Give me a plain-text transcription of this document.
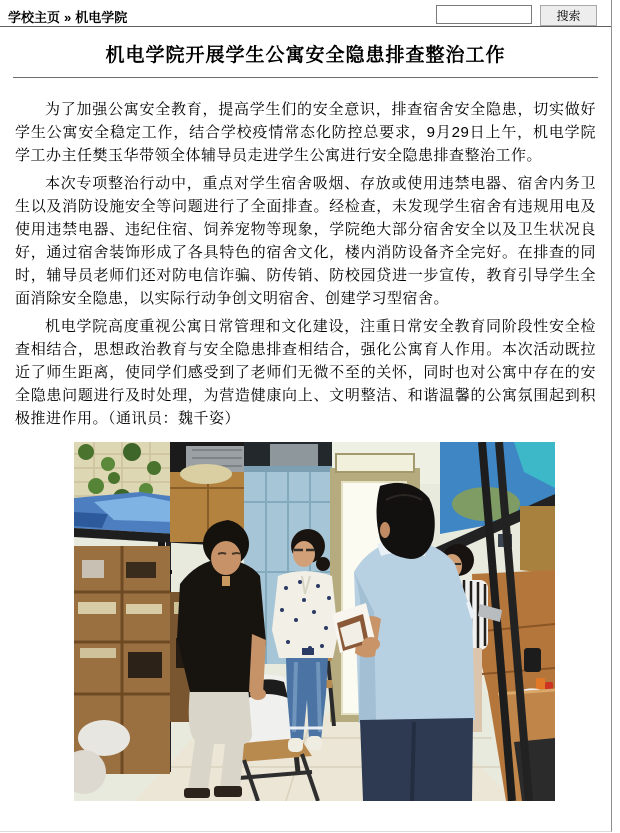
学校主页 » 机电学院	搜索
机电学院开展学生公寓安全隐患排查整治工作

为了加强公寓安全教育，提高学生们的安全意识，排查宿舍安全隐患，切实做好学生公寓安全稳定工作，结合学校疫情常态化防控总要求，9月29日上午，机电学院学工办主任樊玉华带领全体辅导员走进学生公寓进行安全隐患排查整治工作。

本次专项整治行动中，重点对学生宿舍吸烟、存放或使用违禁电器、宿舍内务卫生以及消防设施安全等问题进行了全面排查。经检查，未发现学生宿舍有违规用电及使用违禁电器、违纪住宿、饲养宠物等现象，学院绝大部分宿舍安全以及卫生状况良好，通过宿舍装饰形成了各具特色的宿舍文化，楼内消防设备齐全完好。在排查的同时，辅导员老师们还对防电信诈骗、防传销、防校园贷进一步宣传，教育引导学生全面消除安全隐患，以实际行动争创文明宿舍、创建学习型宿舍。

机电学院高度重视公寓日常管理和文化建设，注重日常安全教育同阶段性安全检查相结合，思想政治教育与安全隐患排查相结合，强化公寓育人作用。本次活动既拉近了师生距离，使同学们感受到了老师们无微不至的关怀，同时也对公寓中存在的安全隐患问题进行及时处理，为营造健康向上、文明整洁、和谐温馨的公寓氛围起到积极推进作用。（通讯员：魏千姿）
